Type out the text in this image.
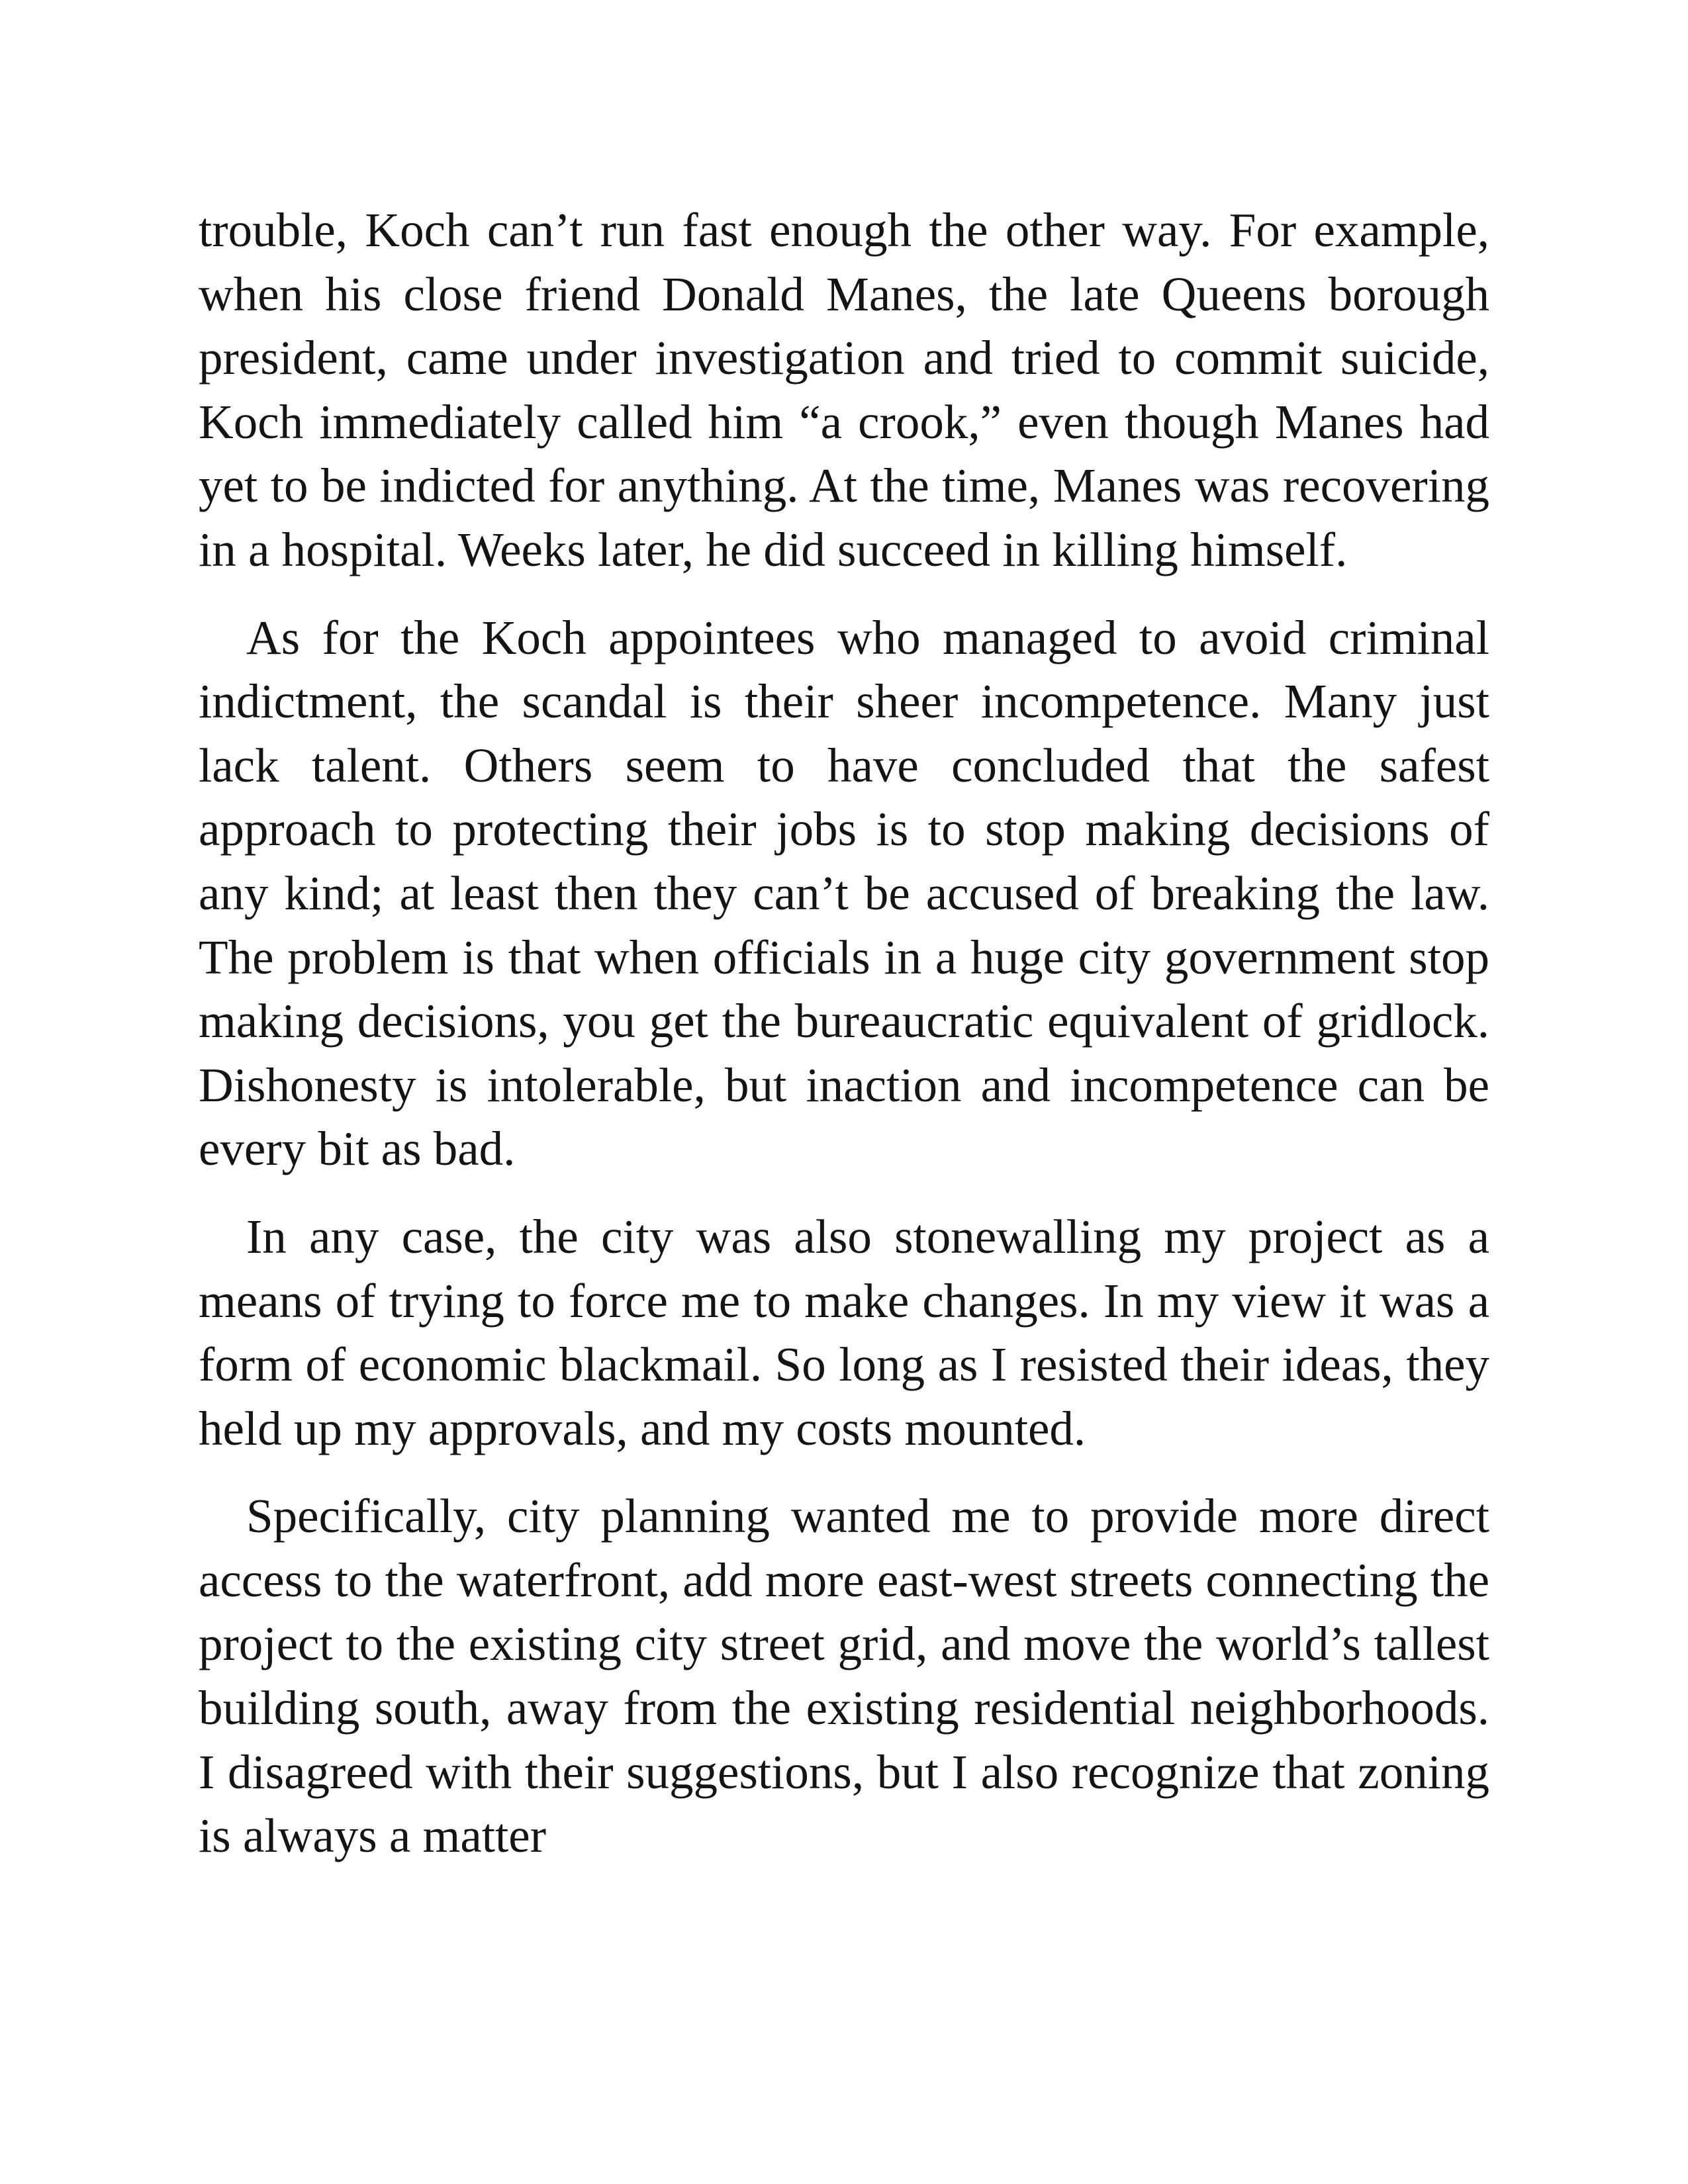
trouble, Koch can’t run fast enough the other way. For example, when his close friend Donald Manes, the late Queens borough president, came under investigation and tried to commit suicide, Koch immediately called him “a crook,” even though Manes had yet to be indicted for anything. At the time, Manes was recovering in a hospital. Weeks later, he did succeed in killing himself.

As for the Koch appointees who managed to avoid criminal indictment, the scandal is their sheer incompetence. Many just lack talent. Others seem to have concluded that the safest approach to protecting their jobs is to stop making decisions of any kind; at least then they can’t be accused of breaking the law. The problem is that when officials in a huge city government stop making decisions, you get the bureaucratic equivalent of gridlock. Dishonesty is intolerable, but inaction and incompetence can be every bit as bad.

In any case, the city was also stonewalling my project as a means of trying to force me to make changes. In my view it was a form of economic blackmail. So long as I resisted their ideas, they held up my approvals, and my costs mounted.

Specifically, city planning wanted me to provide more direct access to the waterfront, add more east-west streets connecting the project to the existing city street grid, and move the world’s tallest building south, away from the existing residential neighborhoods. I disagreed with their suggestions, but I also recognize that zoning is always a matter
